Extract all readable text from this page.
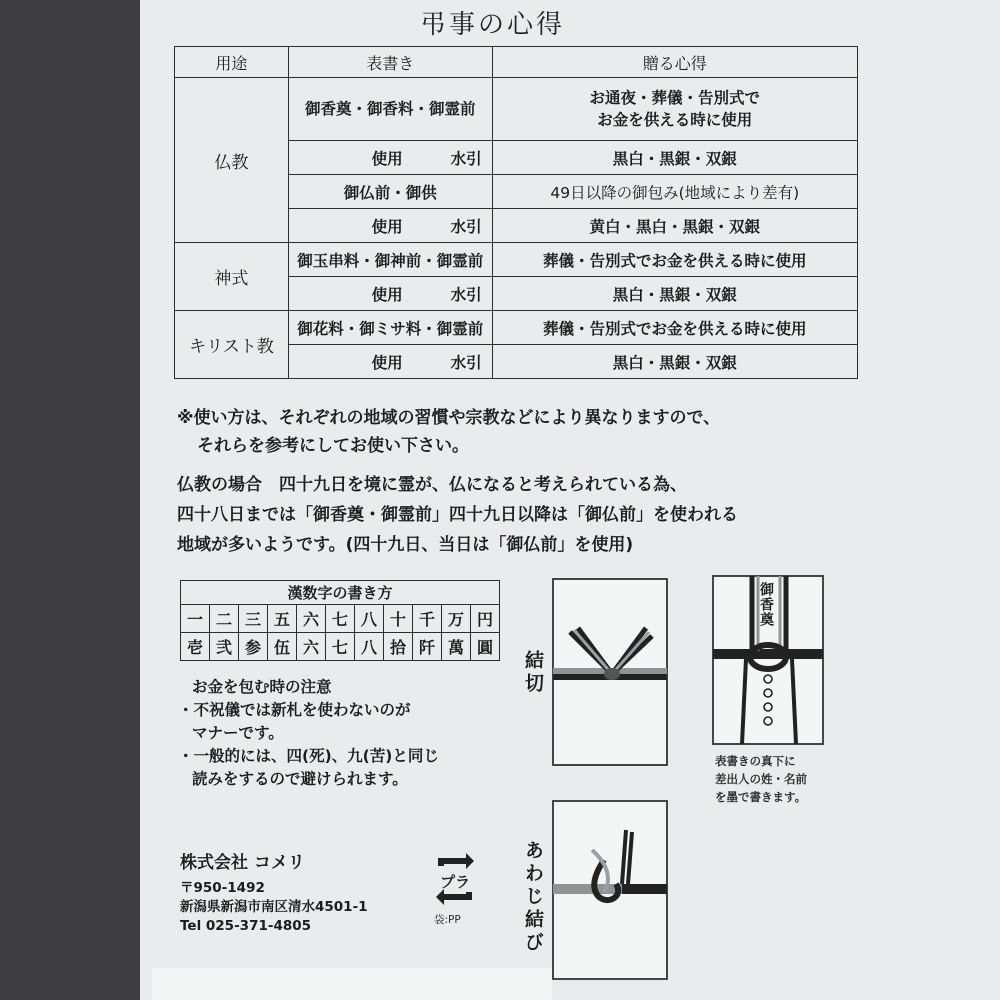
弔事の心得
用途	表書き	贈る心得
仏教	御香奠・御香料・御霊前	お通夜・葬儀・告別式で
お金を供える時に使用

	使用 水引	黒白・黒銀・双銀
	御仏前・御供	49日以降の御包み(地域により差有)

	使用 水引	黄白・黒白・黒銀・双銀
神式	御玉串料・御神前・御霊前	葬儀・告別式でお金を供える時に使用

	使用 水引	黒白・黒銀・双銀
キリスト教	御花料・御ミサ料・御霊前	葬儀・告別式でお金を供える時に使用

	使用 水引	黒白・黒銀・双銀
※使い方は、それぞれの地域の習慣や宗教などにより異なりますので、
それらを参考にしてお使い下さい。
仏教の場合　四十九日を境に霊が、仏になると考えられている為、
四十八日までは「御香奠・御霊前」四十九日以降は「御仏前」を使われる
地域が多いようです。(四十九日、当日は「御仏前」を使用)
漢数字の書き方										
一	二	三	五	六	七	八	十	千	万	円
壱	弐	参	伍	六	七	八	拾	阡	萬	圓
お金を包む時の注意
・不祝儀では新札を使わないのが
マナーです。
・一般的には、四(死)、九(苦)と同じ
読みをするので避けられます。
株式会社 コメリ
〒950-1492
新潟県新潟市南区清水4501-1
Tel 025-371-4805
プラ
袋:PP
結切
あわじ結び
御香奠
表書きの真下に
差出人の姓・名前
を墨で書きます。
